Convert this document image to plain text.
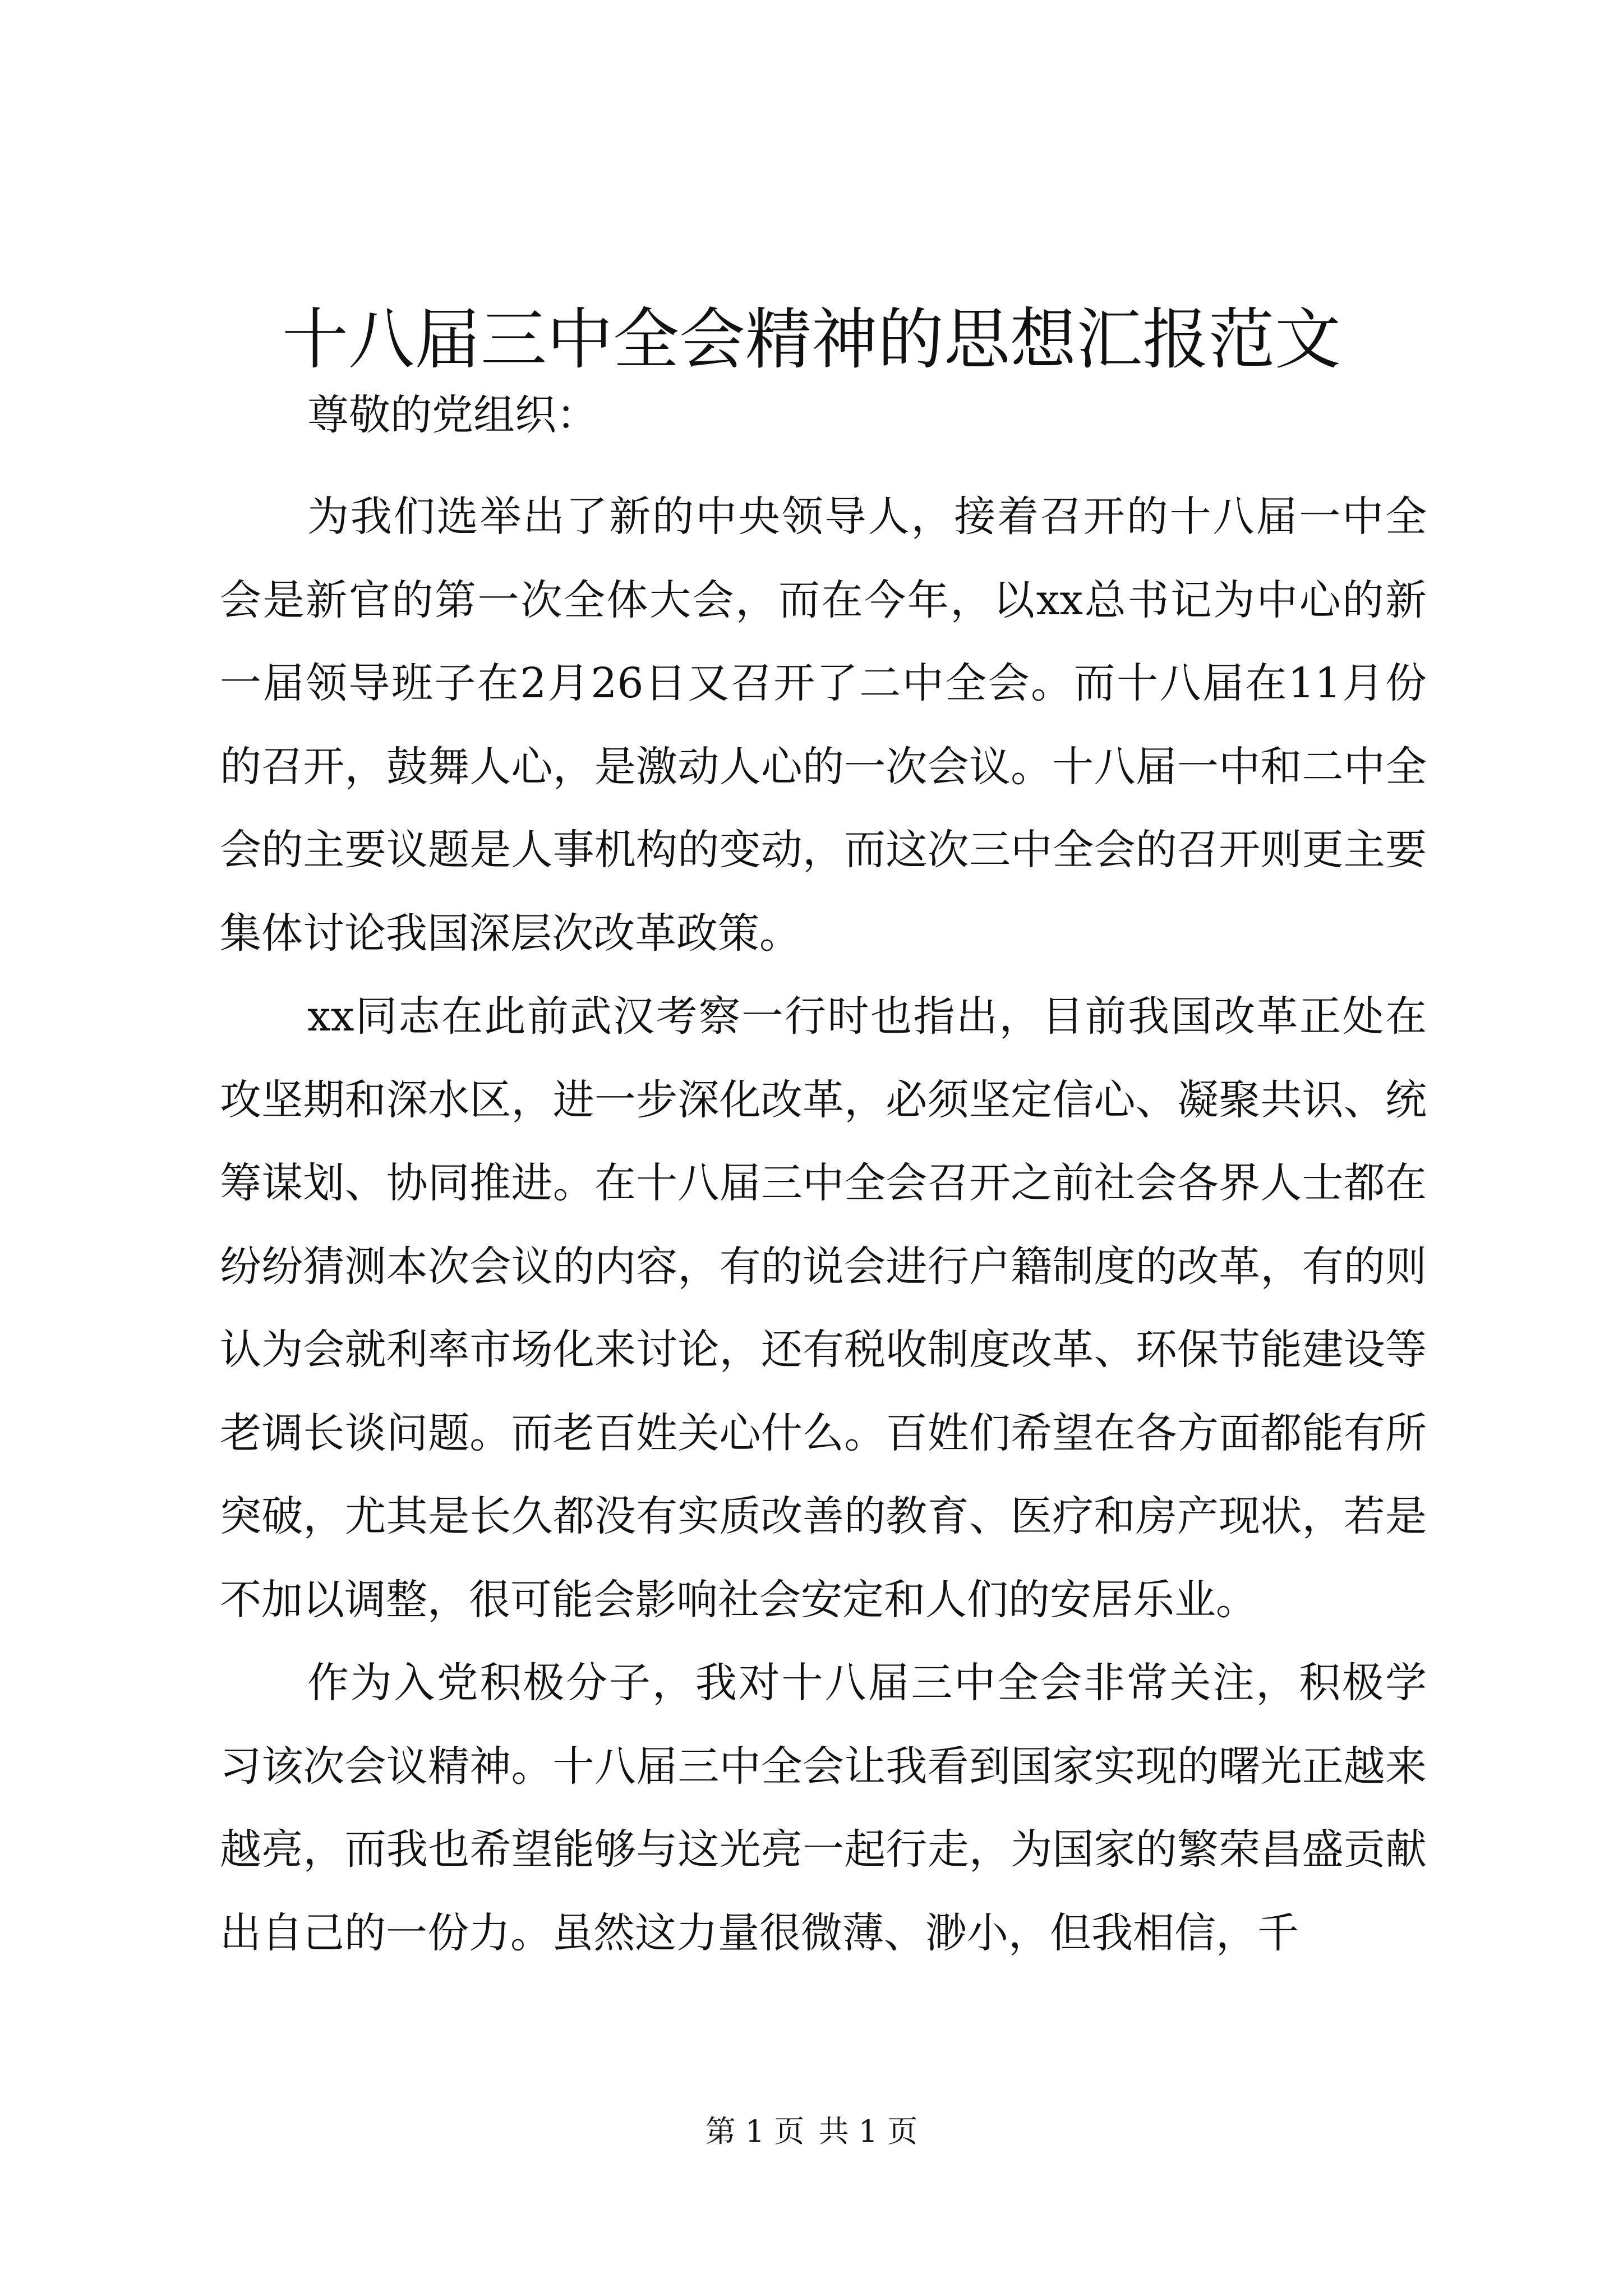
十八届三中全会精神的思想汇报范文
尊敬的党组织：

为我们选举出了新的中央领导人，接着召开的十八届一中全会是新官的第一次全体大会，而在今年，以xx总书记为中心的新一届领导班子在2月26日又召开了二中全会。而十八届在11月份的召开，鼓舞人心，是激动人心的一次会议。十八届一中和二中全会的主要议题是人事机构的变动，而这次三中全会的召开则更主要集体讨论我国深层次改革政策。

xx同志在此前武汉考察一行时也指出，目前我国改革正处在攻坚期和深水区，进一步深化改革，必须坚定信心、凝聚共识、统筹谋划、协同推进。在十八届三中全会召开之前社会各界人士都在纷纷猜测本次会议的内容，有的说会进行户籍制度的改革，有的则认为会就利率市场化来讨论，还有税收制度改革、环保节能建设等老调长谈问题。而老百姓关心什么。百姓们希望在各方面都能有所突破，尤其是长久都没有实质改善的教育、医疗和房产现状，若是不加以调整，很可能会影响社会安定和人们的安居乐业。

作为入党积极分子，我对十八届三中全会非常关注，积极学习该次会议精神。十八届三中全会让我看到国家实现的曙光正越来越亮，而我也希望能够与这光亮一起行走，为国家的繁荣昌盛贡献出自己的一份力。虽然这力量很微薄、渺小，但我相信，千

第 1 页 共 1 页
